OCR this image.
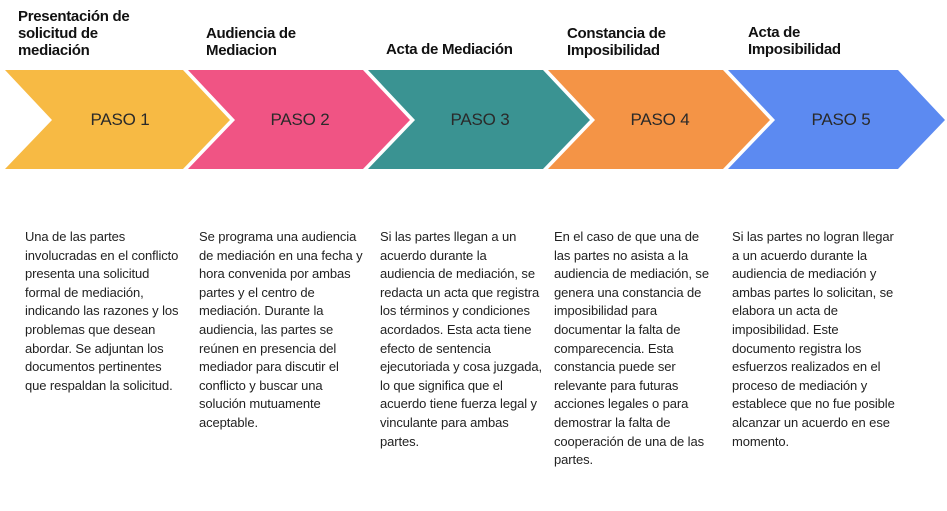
Presentación de
solicitud de
mediación
Audiencia de
Mediacion	Acta de Mediación
Constancia de
Imposibilidad
Acta de
Imposibilidad
PASO 1	PASO 2	PASO 3	PASO 4	PASO 5
Una de las partes involucradas en el conflicto presenta una solicitud formal de mediación, indicando las razones y los problemas que desean abordar. Se adjuntan los documentos pertinentes que respaldan la solicitud.
Se programa una audiencia de mediación en una fecha y hora convenida por ambas partes y el centro de mediación. Durante la audiencia, las partes se reúnen en presencia del mediador para discutir el conflicto y buscar una solución mutuamente aceptable.
Si las partes llegan a un acuerdo durante la audiencia de mediación, se redacta un acta que registra los términos y condiciones acordados. Esta acta tiene efecto de sentencia ejecutoriada y cosa juzgada, lo que significa que el acuerdo tiene fuerza legal y vinculante para ambas partes.
En el caso de que una de las partes no asista a la audiencia de mediación, se genera una constancia de imposibilidad para documentar la falta de comparecencia. Esta constancia puede ser relevante para futuras acciones legales o para demostrar la falta de cooperación de una de las partes.
Si las partes no logran llegar a un acuerdo durante la audiencia de mediación y ambas partes lo solicitan, se elabora un acta de imposibilidad. Este documento registra los esfuerzos realizados en el proceso de mediación y establece que no fue posible alcanzar un acuerdo en ese momento.
